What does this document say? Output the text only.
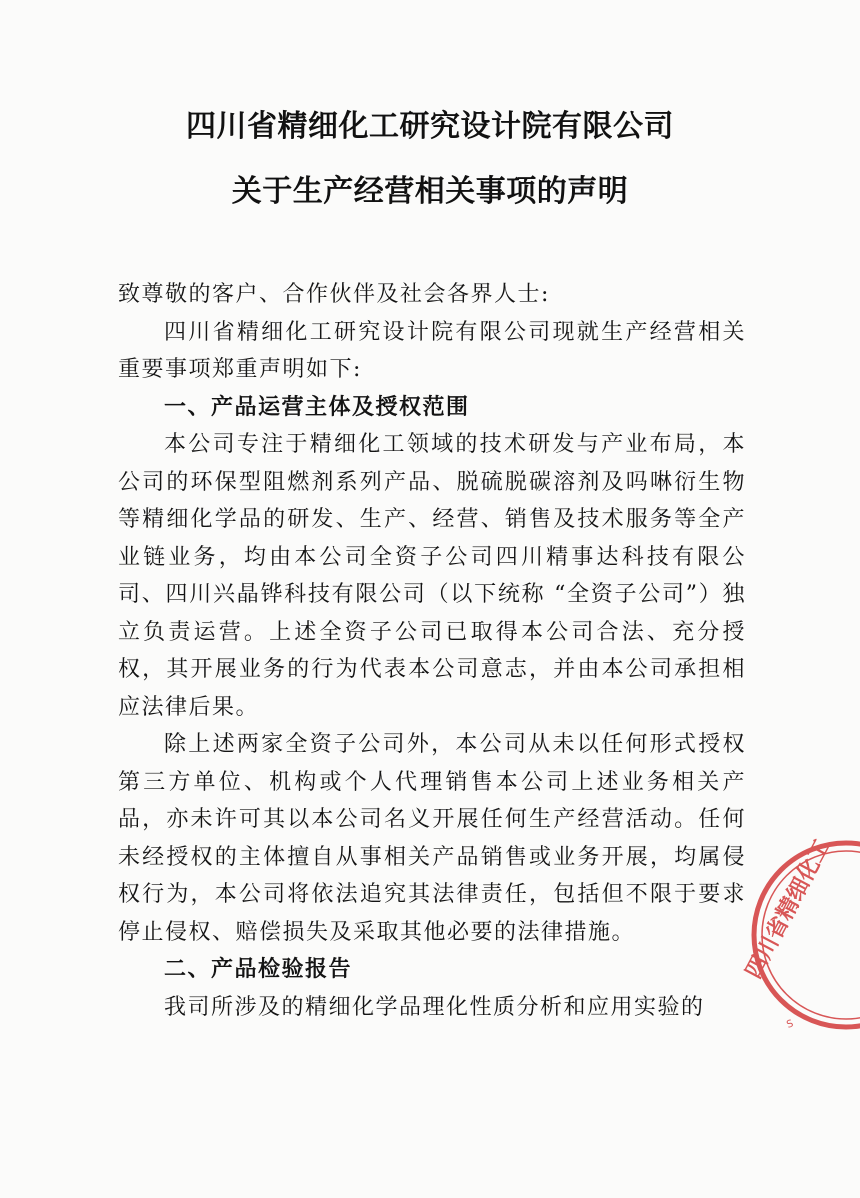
四川省精细化工研究设计院有限公司
关于生产经营相关事项的声明

致尊敬的客户、合作伙伴及社会各界人士:

四川省精细化工研究设计院有限公司现就生产经营相关重要事项郑重声明如下:

一、产品运营主体及授权范围

本公司专注于精细化工领域的技术研发与产业布局，本公司的环保型阻燃剂系列产品、脱硫脱碳溶剂及吗啉衍生物等精细化学品的研发、生产、经营、销售及技术服务等全产业链业务，均由本公司全资子公司四川精事达科技有限公司、四川兴晶铧科技有限公司（以下统称 “全资子公司”）独立负责运营。上述全资子公司已取得本公司合法、充分授权，其开展业务的行为代表本公司意志，并由本公司承担相应法律后果。

除上述两家全资子公司外，本公司从未以任何形式授权第三方单位、机构或个人代理销售本公司上述业务相关产品，亦未许可其以本公司名义开展任何生产经营活动。任何未经授权的主体擅自从事相关产品销售或业务开展，均属侵权行为，本公司将依法追究其法律责任，包括但不限于要求停止侵权、赔偿损失及采取其他必要的法律措施。

二、产品检验报告

我司所涉及的精细化学品理化性质分析和应用实验的

四川省精细化工
S
